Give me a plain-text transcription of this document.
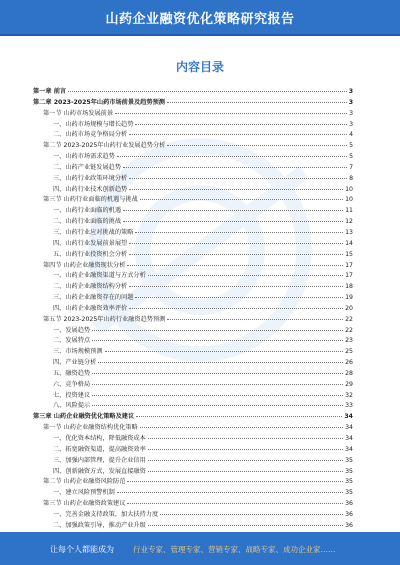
山药企业融资优化策略研究报告
内容目录
第一章 前言	3
第二章 2023-2025年山药市场前景及趋势预测	3
第一节 山药市场发展前景	3
一、山药市场规模与增长趋势	3
二、山药市场竞争格局分析	4
第二节 2023-2025年山药行业发展趋势分析	5
一、山药市场需求趋势	5
二、山药产业链发展趋势	7
三、山药行业政策环境分析	8
四、山药行业技术创新趋势	10
第三节 山药行业面临的机遇与挑战	10
一、山药行业面临的机遇	11
二、山药行业面临的挑战	12
三、山药行业应对挑战的策略	13
四、山药行业发展前景展望	14
五、山药行业投资机会分析	15
第四节 山药企业融资现状分析	17
一、山药企业融资渠道与方式分析	17
二、山药企业融资结构分析	18
三、山药企业融资存在的问题	19
四、山药企业融资效率评价	20
第五节 2023-2025年山药行业融资趋势预测	22
一、发展趋势	22
二、发展特点	23
三、市场规模预测	25
四、产业链分析	26
五、融资趋势	28
六、竞争格局	29
七、投资建议	32
八、风险提示	33
第三章 山药企业融资优化策略及建议	34
第一节 山药企业融资结构优化策略	34
一、优化资本结构，降低融资成本	34
二、拓宽融资渠道，提高融资效率	34
三、加强内部管理，提升企业信用	35
四、创新融资方式，发展直接融资	35
第二节 山药企业融资风险防范	35
一、建立风险预警机制	35
第三节 山药企业融资政策建议	36
一、完善金融支持政策，加大扶持力度	36
二、加强政策引导，推动产业升级	36
让每个人都能成为	行业专家、管理专家、营销专家、战略专家、成功企业家……
